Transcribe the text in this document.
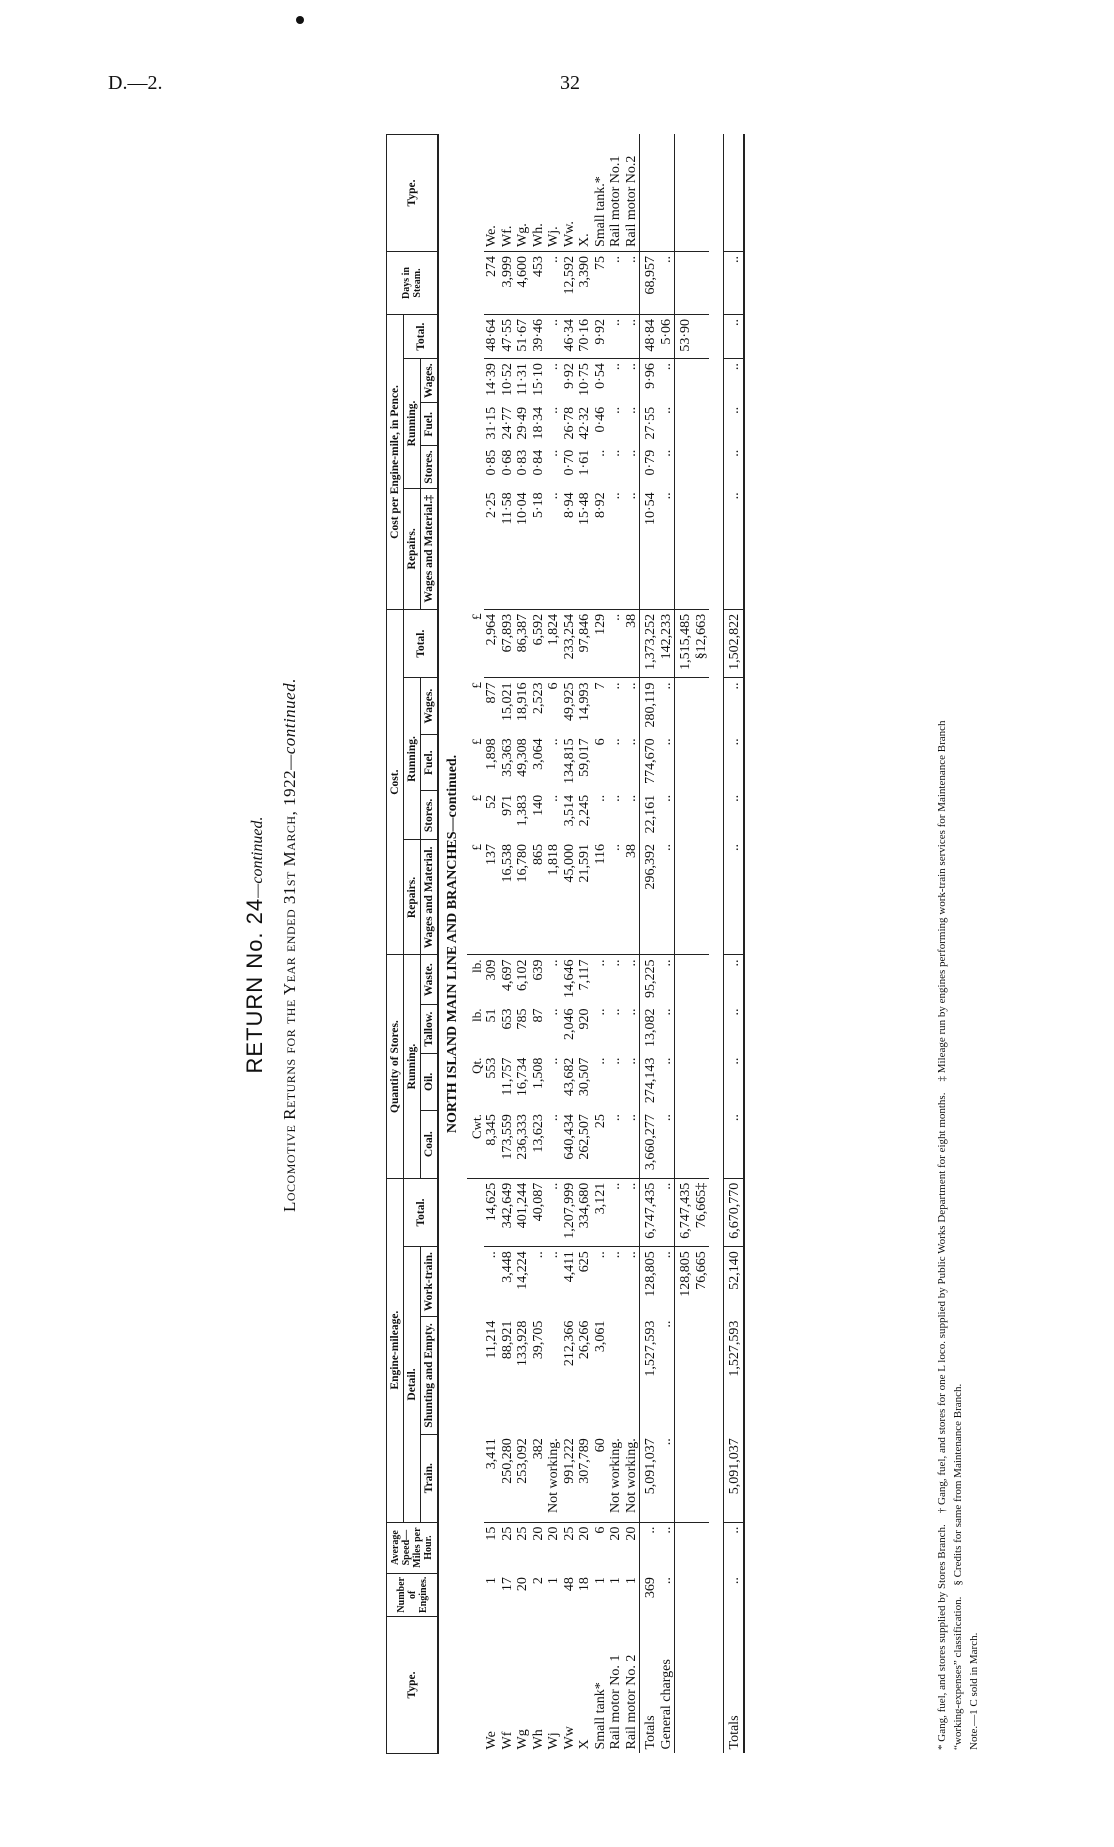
D.—2.	32
RETURN No. 24—continued. Locomotive Returns for the Year ended 31st March, 1922—continued.
Type.	Number of Engines.	Average Speed—Miles per Hour.	Engine-mileage.				Quantity of Stores.				Cost.					Cost per Engine-mile, in Pence.					Days in Steam.	Type.
			Detail.			Total.	Running.				Repairs.	Running.			Total.	Repairs.	Running.			Total.		
			Train.	Shunting and Empty.	Work-train.		Coal.	Oil.	Tallow.	Waste.	Wages and Material.	Stores.	Fuel.	Wages.		Wages and Material.‡	Stores.	Fuel.	Wages.			
NORTH ISLAND MAIN LINE AND BRANCHES—continued.																						
							Cwt.	Qt.	lb.	lb.	£	£	£	£	£							
We	1	15	3,411	11,214	..	14,625	8,345	553	51	309	137	52	1,898	877	2,964	2·25	0·85	31·15	14·39	48·64	274	We.
Wf	17	25	250,280	88,921	3,448	342,649	173,559	11,757	653	4,697	16,538	971	35,363	15,021	67,893	11·58	0·68	24·77	10·52	47·55	3,999	Wf.
Wg	20	25	253,092	133,928	14,224	401,244	236,333	16,734	785	6,102	16,780	1,383	49,308	18,916	86,387	10·04	0·83	29·49	11·31	51·67	4,600	Wg.
Wh	2	20	382	39,705	..	40,087	13,623	1,508	87	639	865	140	3,064	2,523	6,592	5·18	0·84	18·34	15·10	39·46	453	Wh.
Wj	1	20	Not working.		..	..	..	..	..	..	1,818	..	..	6	1,824	..	..	..	..	..	..	Wj.
Ww	48	25	991,222	212,366	4,411	1,207,999	640,434	43,682	2,046	14,646	45,000	3,514	134,815	49,925	233,254	8·94	0·70	26·78	9·92	46·34	12,592	Ww.
X	18	20	307,789	26,266	625	334,680	262,507	30,507	920	7,117	21,591	2,245	59,017	14,993	97,846	15·48	1·61	42·32	10·75	70·16	3,390	X.
Small tank*	1	6	60	3,061	..	3,121	25	..	..	..	116	..	6	7	129	8·92	..	0·46	0·54	9·92	75	Small tank.*
Rail motor No. 1	1	20	Not working.		..	..	..	..	..	..	..	..	..	..	..	..	..	..	..	..	..	Rail motor No.1
Rail motor No. 2	1	20	Not working.		..	..	..	..	..	..	38	..	..	..	38	..	..	..	..	..	..	Rail motor No.2
Totals	369	..	5,091,037	1,527,593	128,805	6,747,435	3,660,277	274,143	13,082	95,225	296,392	22,161	774,670	280,119	1,373,252	10·54	0·79	27·55	9·96	48·84	68,957	
General charges	..	..	..	..	..	..	..	..	..	..	..	..	..	..	142,233	..	..	..	..	5·06	..	
					128,805	6,747,435									1,515,485					53·90		
					76,665	76,665‡									§12,663							

Totals	..	..	5,091,037	1,527,593	52,140	6,670,770	..	..	..	..	..	..	..	..	1,502,822	..	..	..	..	..	..	
* Gang, fuel, and stores supplied by Stores Branch.    † Gang, fuel, and stores for one L loco. supplied by Public Works Department for eight months.    ‡ Mileage run by engines performing work-train services for Maintenance Branch
“working-expenses” classification.    § Credits for same from Maintenance Branch.
Note.—1 C sold in March.
